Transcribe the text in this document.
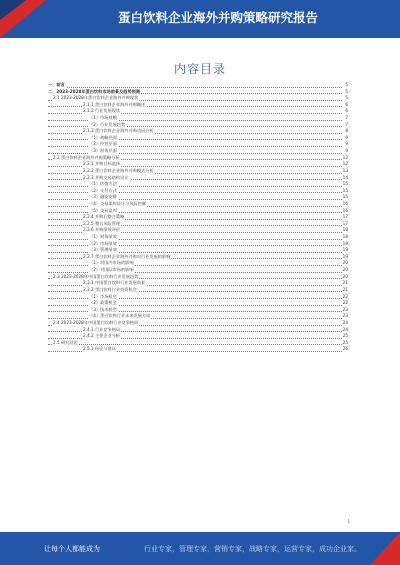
蛋白饮料企业海外并购策略研究报告
内容目录
一、前言	5
二、2023-2028年蛋白饮料市场前景及趋势预测	5
2.1 2023-2028年蛋白饮料企业海外并购现状	5
2.1.1 蛋白饮料企业海外并购概述	6
2.1.2 行业发展现状	6
（1）市场规模	7
（2）行业发展趋势	7
2.1.3 蛋白饮料企业海外并购动因分析	8
（1）战略层面	9
（2）经营层面	9
（3）财务层面	9
2.2 蛋白饮料企业海外并购策略分析	12
2.2.1 并购目标选择	12
2.2.2 蛋白饮料企业海外并购模式分析	13
2.2.3 并购交易结构设计	14
（1）估值方法	15
（2）支付方式	15
（3）融资安排	15
（4）交易架构设计与风险控制	16
（5）交易谈判	16
2.2.4 并购后整合策略	17
2.2.5 整合风险管理	17
2.2.6 并购绩效评价	18
（1）财务绩效	18
（2）市场绩效	19
（3）管理绩效	19
2.2.7 蛋白饮料企业海外并购对行业发展的影响	19
（1）对国内市场的影响	20
（2）对国际市场的影响	20
2.3 2023-2028年中国蛋白饮料行业发展趋势	20
2.3.1 中国蛋白饮料行业发展前景	21
2.3.2 蛋白饮料行业投资机会	21
（1）市场机会	22
（2）政策机会	22
（3）技术机会	23
（4）蛋白饮料行业未来发展方向	23
2.4 2023-2028年中国蛋白饮料行业竞争格局	24
2.4.1 行业竞争格局	24
2.4.2 主要企业分析	25
2.5 研究结论	25
2.5.1 结论与建议	26
1
让每个人都能成为	行业专家，管理专家，营销专家，战略专家，运营专家，成功企业家。
